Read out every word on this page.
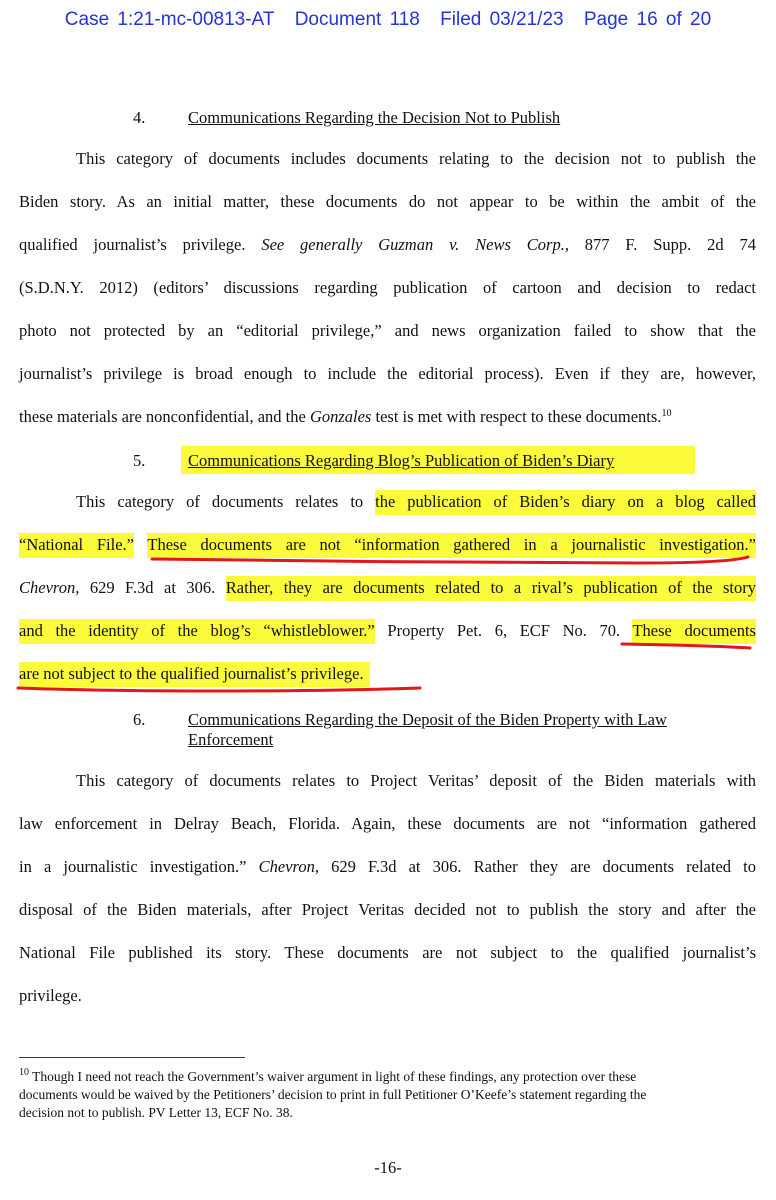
Case 1:21-mc-00813-AT Document 118 Filed 03/21/23 Page 16 of 20
4.	Communications Regarding the Decision Not to Publish
This category of documents includes documents relating to the decision not to publish the
Biden story. As an initial matter, these documents do not appear to be within the ambit of the
qualified journalist’s privilege. See generally Guzman v. News Corp., 877 F. Supp. 2d 74
(S.D.N.Y. 2012) (editors’ discussions regarding publication of cartoon and decision to redact
photo not protected by an “editorial privilege,” and news organization failed to show that the
journalist’s privilege is broad enough to include the editorial process). Even if they are, however,
these materials are nonconfidential, and the Gonzales test is met with respect to these documents.$^{10}$
5.	Communications Regarding Blog’s Publication of Biden’s Diary
This category of documents relates to the publication of Biden’s diary on a blog called
“National File.” These documents are not “information gathered in a journalistic investigation.”
Chevron, 629 F.3d at 306. Rather, they are documents related to a rival’s publication of the story
and the identity of the blog’s “whistleblower.” Property Pet. 6, ECF No. 70. These documents
are not subject to the qualified journalist’s privilege.
6.	Communications Regarding the Deposit of the Biden Property with Law
Enforcement
This category of documents relates to Project Veritas’ deposit of the Biden materials with
law enforcement in Delray Beach, Florida. Again, these documents are not “information gathered
in a journalistic investigation.” Chevron, 629 F.3d at 306. Rather they are documents related to
disposal of the Biden materials, after Project Veritas decided not to publish the story and after the
National File published its story. These documents are not subject to the qualified journalist’s
privilege.
$^{10}$ Though I need not reach the Government’s waiver argument in light of these findings, any protection over these
documents would be waived by the Petitioners’ decision to print in full Petitioner O’Keefe’s statement regarding the
decision not to publish. PV Letter 13, ECF No. 38.
-16-
